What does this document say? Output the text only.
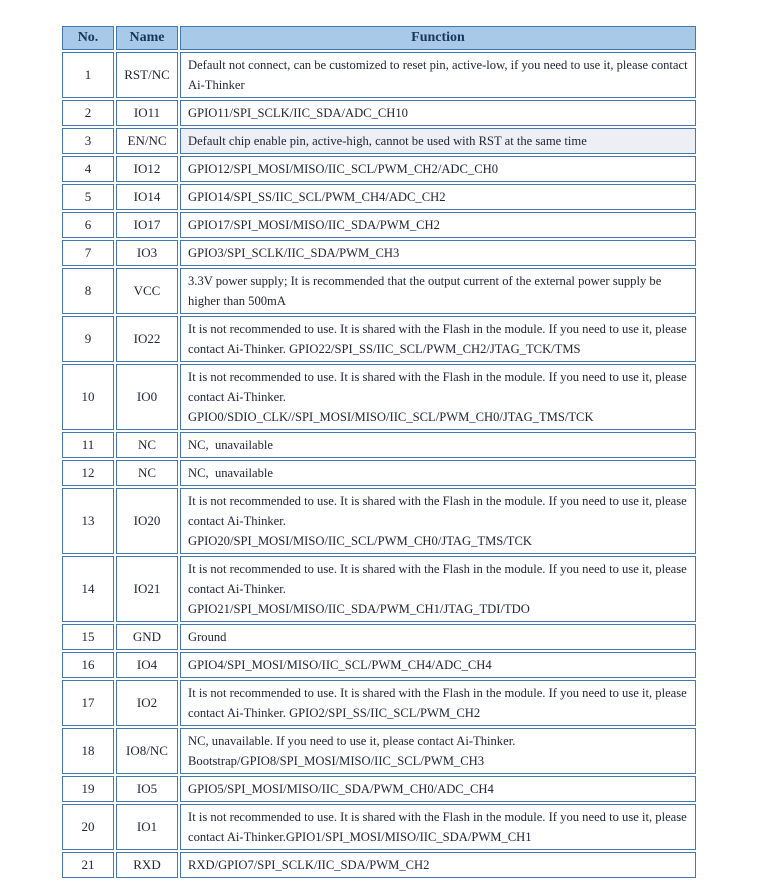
No.	Name	Function
1	RST/NC	Default not connect, can be customized to reset pin, active-low, if you need to use it, please contact Ai-Thinker

2	IO11	GPIO11/SPI_SCLK/IIC_SDA/ADC_CH10

3	EN/NC	Default chip enable pin, active-high, cannot be used with RST at the same time

4	IO12	GPIO12/SPI_MOSI/MISO/IIC_SCL/PWM_CH2/ADC_CH0

5	IO14	GPIO14/SPI_SS/IIC_SCL/PWM_CH4/ADC_CH2

6	IO17	GPIO17/SPI_MOSI/MISO/IIC_SDA/PWM_CH2

7	IO3	GPIO3/SPI_SCLK/IIC_SDA/PWM_CH3

8	VCC	3.3V power supply; It is recommended that the output current of the external power supply be higher than 500mA

9	IO22	It is not recommended to use. It is shared with the Flash in the module. If you need to use it, please contact Ai-Thinker. GPIO22/SPI_SS/IIC_SCL/PWM_CH2/JTAG_TCK/TMS

10	IO0	It is not recommended to use. It is shared with the Flash in the module. If you need to use it, please contact Ai-Thinker.
GPIO0/SDIO_CLK//SPI_MOSI/MISO/IIC_SCL/PWM_CH0/JTAG_TMS/TCK

11	NC	NC,  unavailable

12	NC	NC,  unavailable

13	IO20	It is not recommended to use. It is shared with the Flash in the module. If you need to use it, please contact Ai-Thinker.
GPIO20/SPI_MOSI/MISO/IIC_SCL/PWM_CH0/JTAG_TMS/TCK

14	IO21	It is not recommended to use. It is shared with the Flash in the module. If you need to use it, please contact Ai-Thinker.
GPIO21/SPI_MOSI/MISO/IIC_SDA/PWM_CH1/JTAG_TDI/TDO

15	GND	Ground

16	IO4	GPIO4/SPI_MOSI/MISO/IIC_SCL/PWM_CH4/ADC_CH4

17	IO2	It is not recommended to use. It is shared with the Flash in the module. If you need to use it, please contact Ai-Thinker. GPIO2/SPI_SS/IIC_SCL/PWM_CH2

18	IO8/NC	NC, unavailable. If you need to use it, please contact Ai-Thinker.
Bootstrap/GPIO8/SPI_MOSI/MISO/IIC_SCL/PWM_CH3

19	IO5	GPIO5/SPI_MOSI/MISO/IIC_SDA/PWM_CH0/ADC_CH4

20	IO1	It is not recommended to use. It is shared with the Flash in the module. If you need to use it, please contact Ai-Thinker.GPIO1/SPI_MOSI/MISO/IIC_SDA/PWM_CH1

21	RXD	RXD/GPIO7/SPI_SCLK/IIC_SDA/PWM_CH2
